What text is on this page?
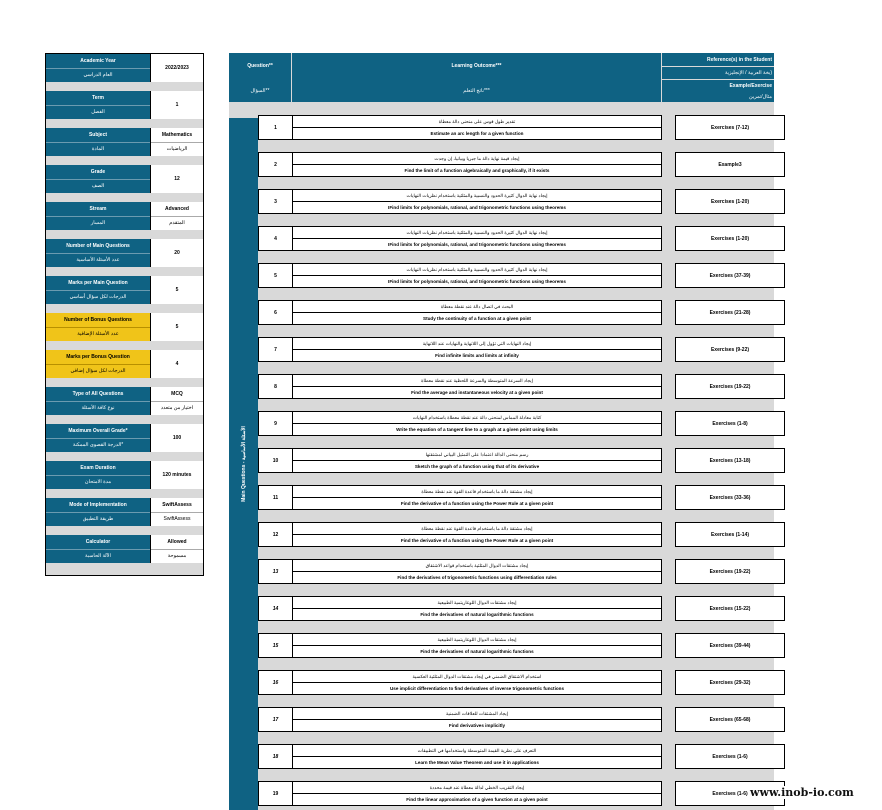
Academic Year
العام الدراسي
2022/2023
Term
الفصل
1
Subject
المادة
Mathematics
الرياضيات
Grade
الصف
12
Stream
المسار
Advanced
المتقدم
Number of Main Questions
عدد الأسئلة الأساسية
20
Marks per Main Question
الدرجات لكل سؤال أساسي
5
Number of Bonus Questions
عدد الأسئلة الإضافية
5
Marks per Bonus Question
الدرجات لكل سؤال إضافي
4
Type of All Questions
نوع كافة الأسئلة
MCQ
اختيار من متعدد
Maximum Overall Grade*
الدرجة القصوى الممكنة*
100
Exam Duration
مدة الامتحان
120 minutes
Mode of Implementation
طريقة التطبيق
SwiftAssess
SwiftAssess
Calculator
الآلة الحاسبة
Allowed
مسموحة
Question**
السؤال**
Learning Outcome***
ناتج التعلم***
Reference(s) in the Student
بخة العربية / الإنجليزية)
Example/Exercise
مثال/تمرين
Main Questions - الأسئلة الأساسية
1
تقدير طول قوس على منحنى دالة معطاة
Estimate an arc length for a given function
Exercises (7-12)
2
إيجاد قيمة نهاية دالة ما جبريا وبيانيا، إن وجدت
Find the limit of a function algebraically and graphically, if it exists
Example3
3
إيجاد نهاية الدوال كثيرة الحدود والنسبية والمثلثية باستخدام نظريات النهايات
IFind limits for polynomials, rational, and trigonometric functions using theorems
Exercises (1-20)
4
إيجاد نهاية الدوال كثيرة الحدود والنسبية والمثلثية باستخدام نظريات النهايات
IFind limits for polynomials, rational, and trigonometric functions using theorems
Exercises (1-20)
5
إيجاد نهاية الدوال كثيرة الحدود والنسبية والمثلثية باستخدام نظريات النهايات
IFind limits for polynomials, rational, and trigonometric functions using theorems
Exercises (37-39)
6
البحث في اتصال دالة عند نقطة معطاة
Study the continuity of a function at a given point
Exercises (21-28)
7
إيجاد النهايات التي تؤول إلى اللانهاية والنهايات عند اللانهاية
Find infinite limits and limits at infinity
Exercises (9-22)
8
إيجاد السرعة المتوسطة والسرعة اللحظية عند نقطة معطاة
Find the average and instantaneous velocity at a given point
Exercises (19-22)
9
كتابة معادلة المماس لمنحنى دالة عند نقطة معطاة باستخدام النهايات
Write the equation of a tangent line to a graph at a given point using limits
Exercises (1-8)
10
رسم منحنى الدالة اعتمادا على التمثيل البياني لمشتقتها
Sketch the graph of a function using that of its derivative
Exercises (13-18)
11
إيجاد مشتقة دالة ما باستخدام قاعدة القوة عند نقطة معطاة
Find the derivative of a function using the Power Rule at a given point
Exercises (33-36)
12
إيجاد مشتقة دالة ما باستخدام قاعدة القوة عند نقطة معطاة
Find the derivative of a function using the Power Rule at a given point
Exercises (1-14)
13
إيجاد مشتقات الدوال المثلثية باستخدام قواعد الاشتقاق
Find the derivatives of trigonometric functions using differentiation rules
Exercises (19-22)
14
إيجاد مشتقات الدوال اللوغاريتمية الطبيعية
Find the derivatives of natural logarithmic functions
Exercises (15-22)
15
إيجاد مشتقات الدوال اللوغاريتمية الطبيعية
Find the derivatives of natural logarithmic functions
Exercises (39-44)
16
استخدام الاشتقاق الضمني في إيجاد مشتقات الدوال المثلثية العكسية
Use implicit differentiation to find derivatives of inverse trigonometric functions
Exercises (29-32)
17
إيجاد المشتقات للعلاقات الضمنية
Find derivatives implicitly
Exercises (65-68)
18
التعرف على نظرية القيمة المتوسطة واستخدامها في التطبيقات
Learn the Mean Value Theorem and use it in applications
Exercises (1-6)
19
إيجاد التقريب الخطي لدالة معطاة عند قيمة محددة
Find the linear approximation of a given function at a given point
Exercises (1-6) www.inob-io.com
